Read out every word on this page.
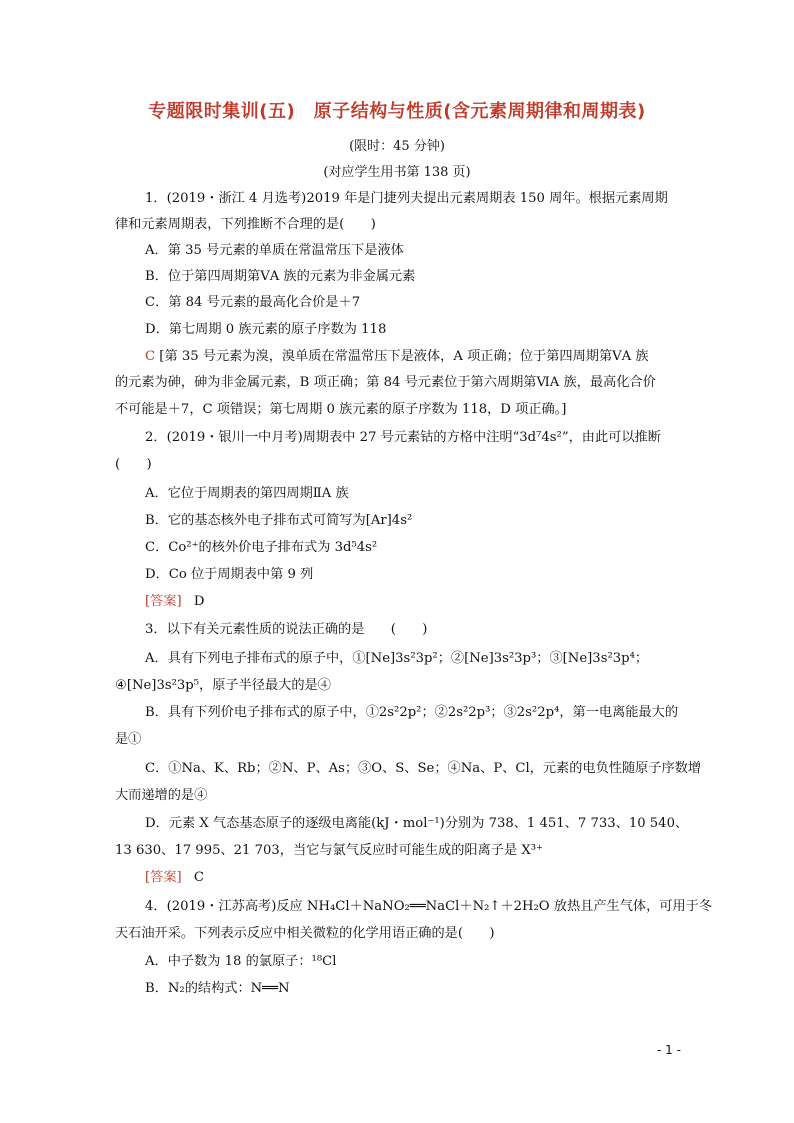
专题限时集训(五)　原子结构与性质(含元素周期律和周期表)
(限时：45 分钟)
(对应学生用书第 138 页)
1．(2019・浙江 4 月选考)2019 年是门捷列夫提出元素周期表 150 周年。根据元素周期
律和元素周期表，下列推断不合理的是(　　)
A．第 35 号元素的单质在常温常压下是液体
B．位于第四周期第ⅤA 族的元素为非金属元素
C．第 84 号元素的最高化合价是＋7
D．第七周期 0 族元素的原子序数为 118
C [第 35 号元素为溴，溴单质在常温常压下是液体，A 项正确；位于第四周期第ⅤA 族
的元素为砷，砷为非金属元素，B 项正确；第 84 号元素位于第六周期第ⅥA 族，最高化合价
不可能是＋7，C 项错误；第七周期 0 族元素的原子序数为 118，D 项正确。]
2．(2019・银川一中月考)周期表中 27 号元素钴的方格中注明“3d⁷4s²”，由此可以推断
(　　)
A．它位于周期表的第四周期ⅡA 族
B．它的基态核外电子排布式可简写为[Ar]4s²
C．Co²⁺的核外价电子排布式为 3d⁵4s²
D．Co 位于周期表中第 9 列
[答案] D
3．以下有关元素性质的说法正确的是　　(　　)
A．具有下列电子排布式的原子中，①[Ne]3s²3p²；②[Ne]3s²3p³；③[Ne]3s²3p⁴；
④[Ne]3s²3p⁵，原子半径最大的是④
B．具有下列价电子排布式的原子中，①2s²2p²；②2s²2p³；③2s²2p⁴，第一电离能最大的
是①
C．①Na、K、Rb；②N、P、As；③O、S、Se；④Na、P、Cl，元素的电负性随原子序数增
大而递增的是④
D．元素 X 气态基态原子的逐级电离能(kJ・mol⁻¹)分别为 738、1 451、7 733、10 540、
13 630、17 995、21 703，当它与氯气反应时可能生成的阳离子是 X³⁺
[答案] C
4．(2019・江苏高考)反应 NH₄Cl＋NaNO₂══NaCl＋N₂↑＋2H₂O 放热且产生气体，可用于冬
天石油开采。下列表示反应中相关微粒的化学用语正确的是(　　)
A．中子数为 18 的氯原子：¹⁸Cl
B．N₂的结构式：N══N
- 1 -
